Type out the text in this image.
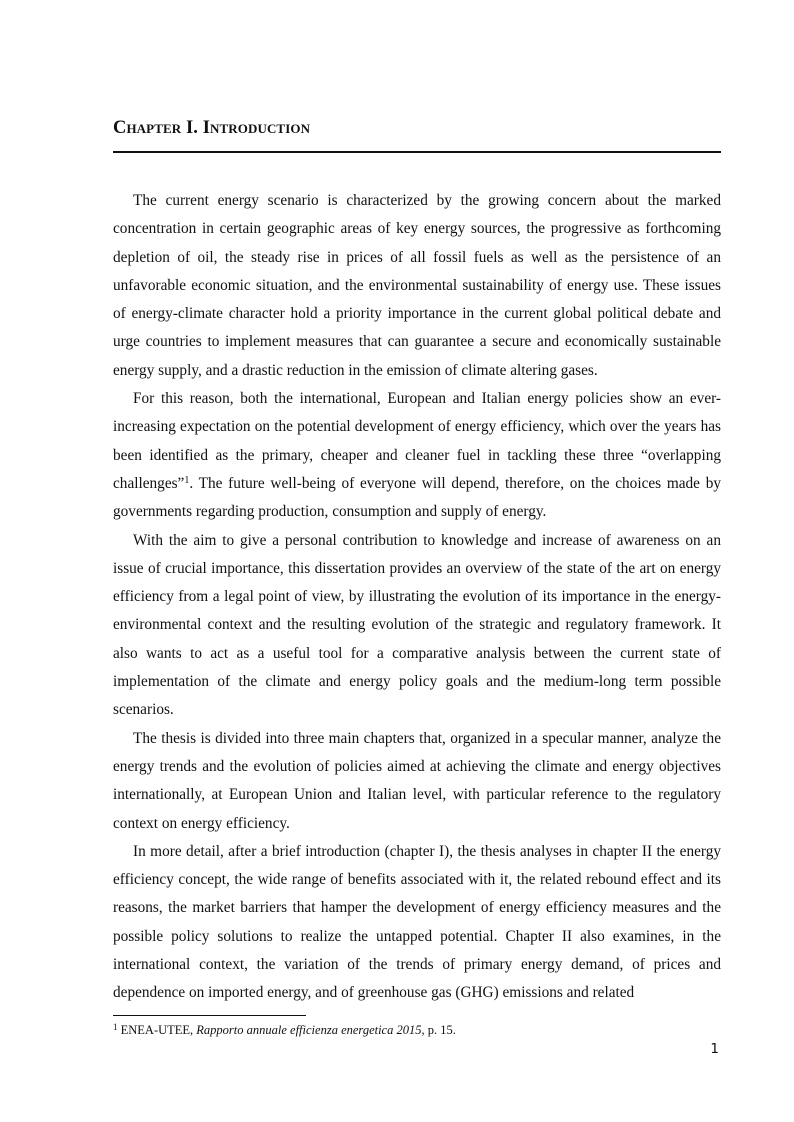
Chapter I. Introduction

The current energy scenario is characterized by the growing concern about the marked concentration in certain geographic areas of key energy sources, the progressive as forthcoming depletion of oil, the steady rise in prices of all fossil fuels as well as the persistence of an unfavorable economic situation, and the environmental sustainability of energy use. These issues of energy-climate character hold a priority importance in the current global political debate and urge countries to implement measures that can guarantee a secure and economically sustainable energy supply, and a drastic reduction in the emission of climate altering gases.

For this reason, both the international, European and Italian energy policies show an ever-increasing expectation on the potential development of energy efficiency, which over the years has been identified as the primary, cheaper and cleaner fuel in tackling these three “overlapping challenges”$^1$. The future well-being of everyone will depend, therefore, on the choices made by governments regarding production, consumption and supply of energy.

With the aim to give a personal contribution to knowledge and increase of awareness on an issue of crucial importance, this dissertation provides an overview of the state of the art on energy efficiency from a legal point of view, by illustrating the evolution of its importance in the energy-environmental context and the resulting evolution of the strategic and regulatory framework. It also wants to act as a useful tool for a comparative analysis between the current state of implementation of the climate and energy policy goals and the medium-long term possible scenarios.

The thesis is divided into three main chapters that, organized in a specular manner, analyze the energy trends and the evolution of policies aimed at achieving the climate and energy objectives internationally, at European Union and Italian level, with particular reference to the regulatory context on energy efficiency.

In more detail, after a brief introduction (chapter I), the thesis analyses in chapter II the energy efficiency concept, the wide range of benefits associated with it, the related rebound effect and its reasons, the market barriers that hamper the development of energy efficiency measures and the possible policy solutions to realize the untapped potential. Chapter II also examines, in the international context, the variation of the trends of primary energy demand, of prices and dependence on imported energy, and of greenhouse gas (GHG) emissions and related

$^1$ ENEA-UTEE, Rapporto annuale efficienza energetica 2015, p. 15.

1
